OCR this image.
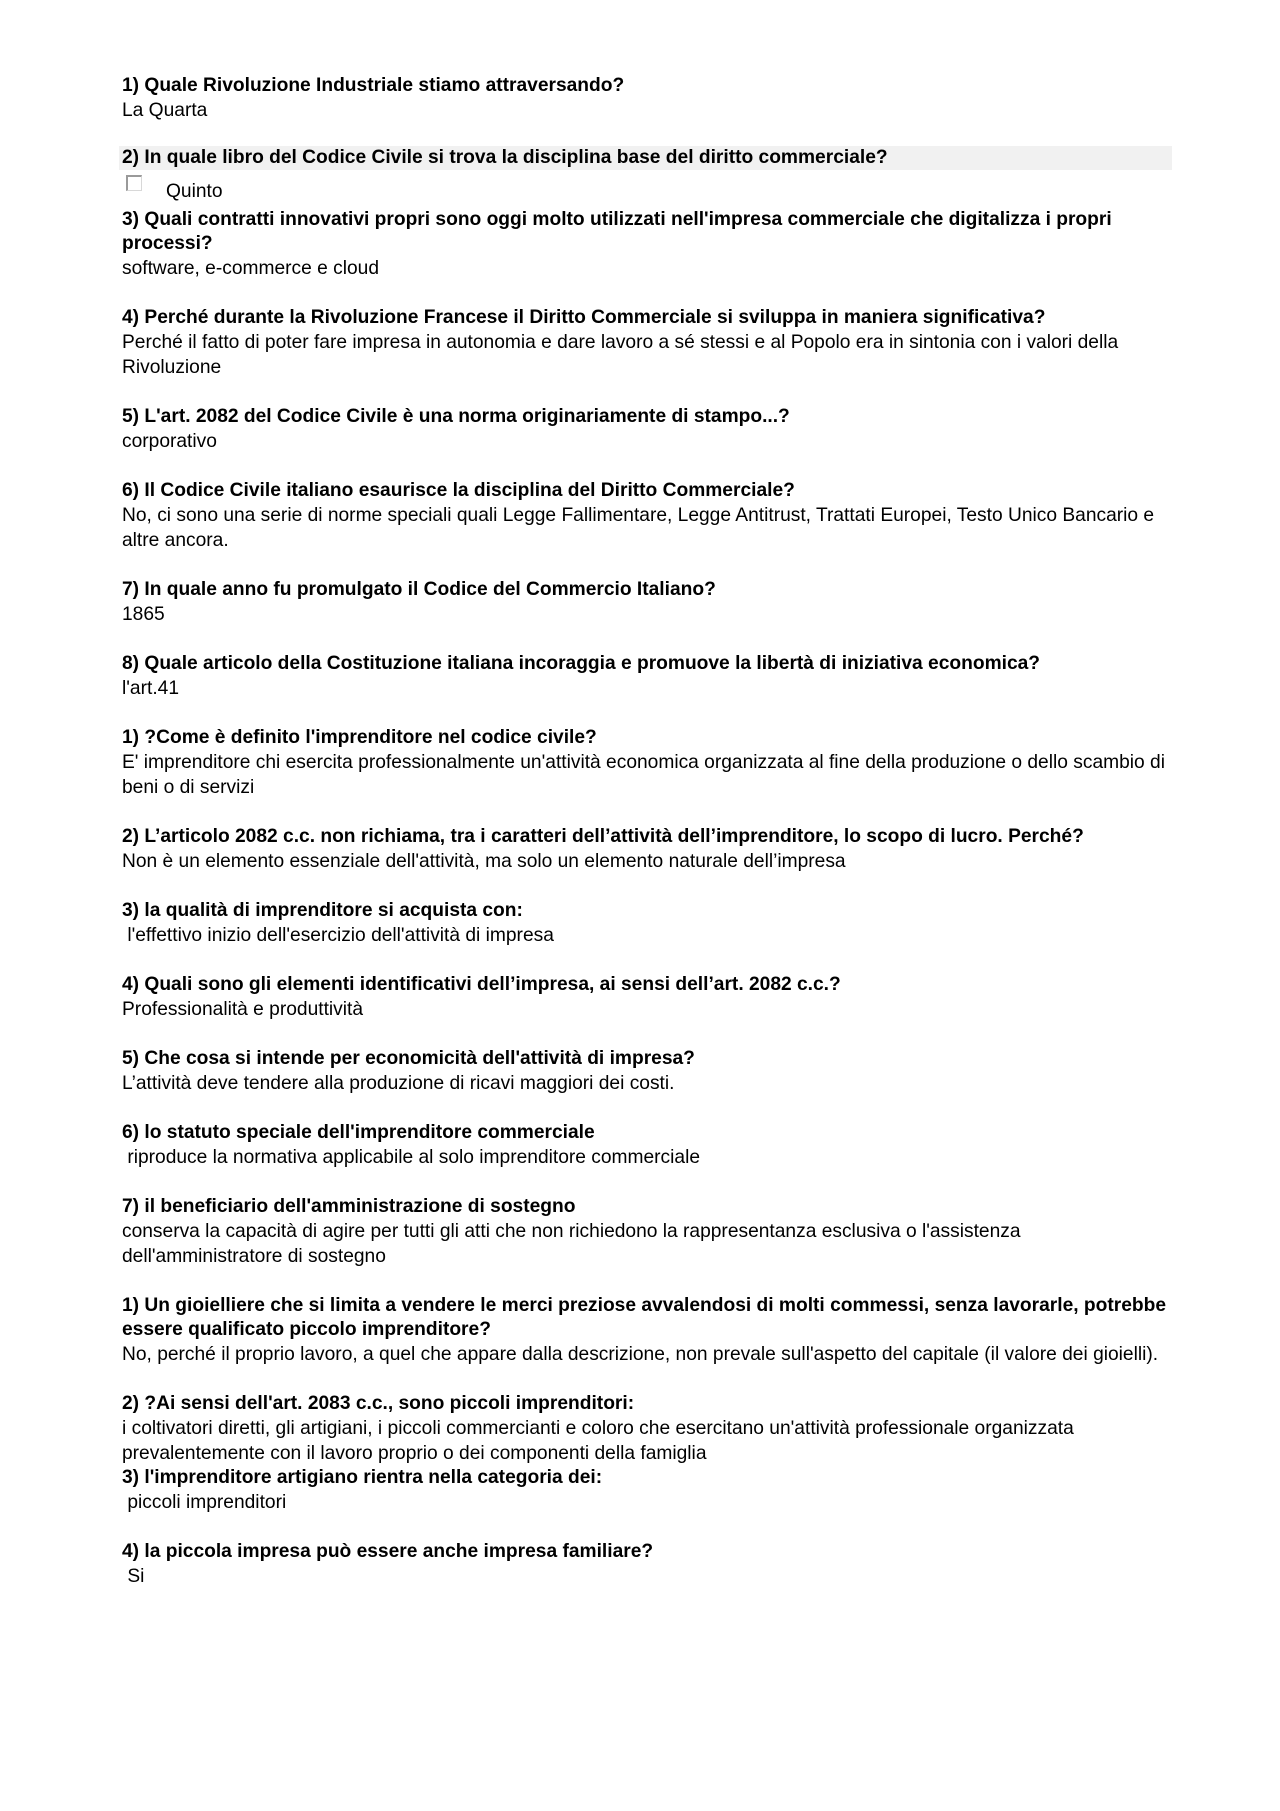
1) Quale Rivoluzione Industriale stiamo attraversando?
La Quarta
2) In quale libro del Codice Civile si trova la disciplina base del diritto commerciale?
Quinto
3) Quali contratti innovativi propri sono oggi molto utilizzati nell'impresa commerciale che digitalizza i propri processi?
software, e-commerce e cloud
4) Perché durante la Rivoluzione Francese il Diritto Commerciale si sviluppa in maniera significativa?
Perché il fatto di poter fare impresa in autonomia e dare lavoro a sé stessi e al Popolo era in sintonia con i valori della Rivoluzione
5) L'art. 2082 del Codice Civile è una norma originariamente di stampo...?
corporativo
6) Il Codice Civile italiano esaurisce la disciplina del Diritto Commerciale?
No, ci sono una serie di norme speciali quali Legge Fallimentare, Legge Antitrust, Trattati Europei, Testo Unico Bancario e altre ancora.
7) In quale anno fu promulgato il Codice del Commercio Italiano?
1865
8) Quale articolo della Costituzione italiana incoraggia e promuove la libertà di iniziativa economica?
l'art.41
1) ?Come è definito l'imprenditore nel codice civile?
E' imprenditore chi esercita professionalmente un'attività economica organizzata al fine della produzione o dello scambio di beni o di servizi
2) L’articolo 2082 c.c. non richiama, tra i caratteri dell’attività dell’imprenditore, lo scopo di lucro. Perché?
Non è un elemento essenziale dell'attività, ma solo un elemento naturale dell’impresa
3) la qualità di imprenditore si acquista con:
l'effettivo inizio dell'esercizio dell'attività di impresa
4) Quali sono gli elementi identificativi dell’impresa, ai sensi dell’art. 2082 c.c.?
Professionalità e produttività
5) Che cosa si intende per economicità dell'attività di impresa?
L’attività deve tendere alla produzione di ricavi maggiori dei costi.
6) lo statuto speciale dell'imprenditore commerciale
riproduce la normativa applicabile al solo imprenditore commerciale
7) il beneficiario dell'amministrazione di sostegno
conserva la capacità di agire per tutti gli atti che non richiedono la rappresentanza esclusiva o l'assistenza dell'amministratore di sostegno
1) Un gioielliere che si limita a vendere le merci preziose avvalendosi di molti commessi, senza lavorarle, potrebbe essere qualificato piccolo imprenditore?
No, perché il proprio lavoro, a quel che appare dalla descrizione, non prevale sull'aspetto del capitale (il valore dei gioielli).
2) ?Ai sensi dell'art. 2083 c.c., sono piccoli imprenditori:
i coltivatori diretti, gli artigiani, i piccoli commercianti e coloro che esercitano un'attività professionale organizzata prevalentemente con il lavoro proprio o dei componenti della famiglia
3) l'imprenditore artigiano rientra nella categoria dei:
piccoli imprenditori
4) la piccola impresa può essere anche impresa familiare?
Si
